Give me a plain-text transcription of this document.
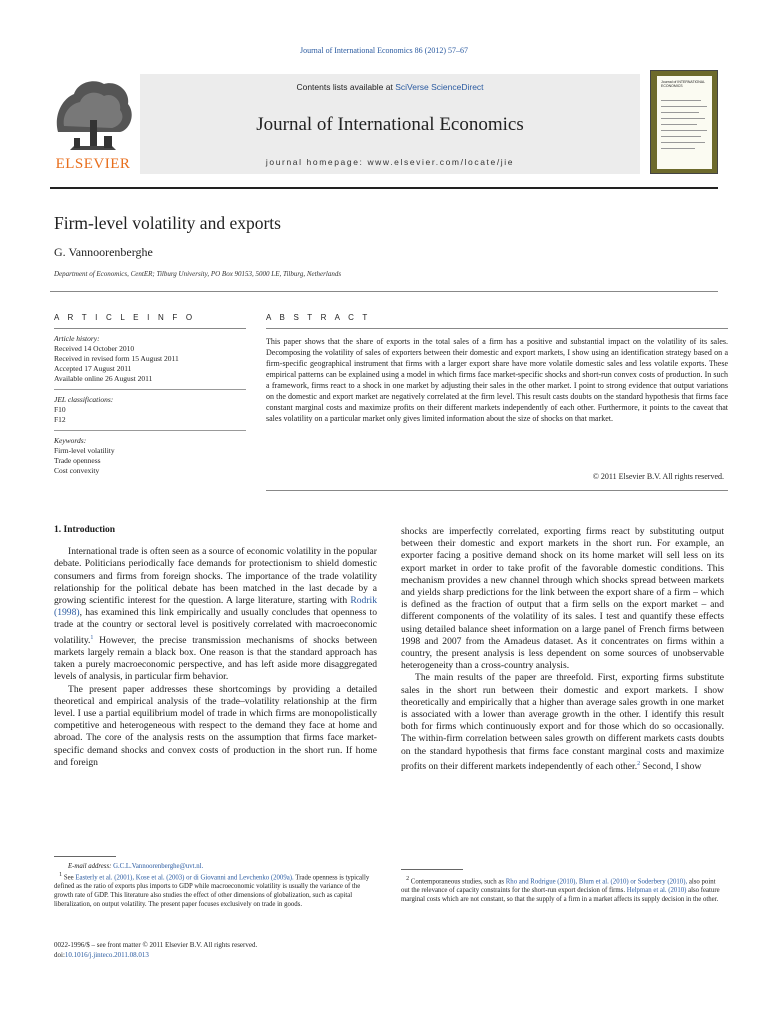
Journal of International Economics 86 (2012) 57–67
ELSEVIER
Contents lists available at SciVerse ScienceDirect
Journal of International Economics
journal homepage: www.elsevier.com/locate/jie
Journal of INTERNATIONAL ECONOMICS
Firm-level volatility and exports
G. Vannoorenberghe
Department of Economics, CentER; Tilburg University, PO Box 90153, 5000 LE, Tilburg, Netherlands
A R T I C L E I N F O	A B S T R A C T
Article history:
Received 14 October 2010
Received in revised form 15 August 2011
Accepted 17 August 2011
Available online 26 August 2011
JEL classifications:
F10
F12
Keywords:
Firm-level volatility
Trade openness
Cost convexity
This paper shows that the share of exports in the total sales of a firm has a positive and substantial impact on the volatility of its sales. Decomposing the volatility of sales of exporters between their domestic and export markets, I show using an identification strategy based on a firm-specific geographical instrument that firms with a larger export share have more volatile domestic sales and less volatile exports. These empirical patterns can be explained using a model in which firms face market-specific shocks and short-run convex costs of production. In such a framework, firms react to a shock in one market by adjusting their sales in the other market. I point to strong evidence that output variations on the domestic and export market are negatively correlated at the firm level. This result casts doubts on the standard hypothesis that firms face constant marginal costs and maximize profits on their different markets independently of each other. Furthermore, it points to the caveat that sales volatility on a particular market only gives limited information about the size of shocks on that market.
© 2011 Elsevier B.V. All rights reserved.
1. Introduction

International trade is often seen as a source of economic volatility in the popular debate. Politicians periodically face demands for protectionism to shield domestic consumers and firms from foreign shocks. The importance of the trade volatility relationship for the political debate has been matched in the last decade by a growing scientific interest for the question. A large literature, starting with Rodrik (1998), has examined this link empirically and usually concludes that openness to trade at the country or sectoral level is positively correlated with macroeconomic volatility.$^1$ However, the precise transmission mechanisms of shocks between markets largely remain a black box. One reason is that the standard approach has taken a purely macroeconomic perspective, and has left aside more disaggregated levels of analysis, in particular firm behavior.

The present paper addresses these shortcomings by providing a detailed theoretical and empirical analysis of the trade–volatility relationship at the firm level. I use a partial equilibrium model of trade in which firms are monopolistically competitive and heterogeneous with respect to the demand they face at home and abroad. The core of the analysis rests on the assumption that firms face market-specific demand shocks and convex costs of production in the short run. If home and foreign

shocks are imperfectly correlated, exporting firms react by substituting output between their domestic and export markets in the short run. For example, an exporter facing a positive demand shock on its home market will sell less on its export market in order to take profit of the favorable domestic conditions. This mechanism provides a new channel through which shocks spread between markets and yields sharp predictions for the link between the export share of a firm – which is defined as the fraction of output that a firm sells on the export market – and different components of the volatility of its sales. I test and quantify these effects using detailed balance sheet information on a large panel of French firms between 1998 and 2007 from the Amadeus dataset. As it concentrates on firms within a country, the present analysis is less dependent on some sources of unobservable heterogeneity than a cross-country analysis.

The main results of the paper are threefold. First, exporting firms substitute sales in the short run between their domestic and export markets. I show theoretically and empirically that a higher than average sales growth in one market is associated with a lower than average growth in the other. I identify this result both for firms which continuously export and for those which do so occasionally. The within-firm correlation between sales growth on different markets casts doubts on the standard hypothesis that firms face constant marginal costs and maximize profits on their different markets independently of each other.$^2$ Second, I show

E-mail address: G.C.L.Vannoorenberghe@uvt.nl.
$^1$ See Easterly et al. (2001), Kose et al. (2003) or di Giovanni and Levchenko (2009a). Trade openness is typically defined as the ratio of exports plus imports to GDP while macroeconomic volatility is usually the variance of the growth rate of GDP. This literature also studies the effect of other dimensions of globalization, such as capital liberalization, on output volatility. The present paper focuses exclusively on trade in goods.
$^2$ Contemporaneous studies, such as Rho and Rodrigue (2010), Blum et al. (2010) or Soderbery (2010), also point out the relevance of capacity constraints for the short-run export decision of firms. Helpman et al. (2010) also feature marginal costs which are not constant, so that the supply of a firm in a market affects its supply decision in the other.
0022-1996/$ – see front matter © 2011 Elsevier B.V. All rights reserved.
doi:10.1016/j.jinteco.2011.08.013
